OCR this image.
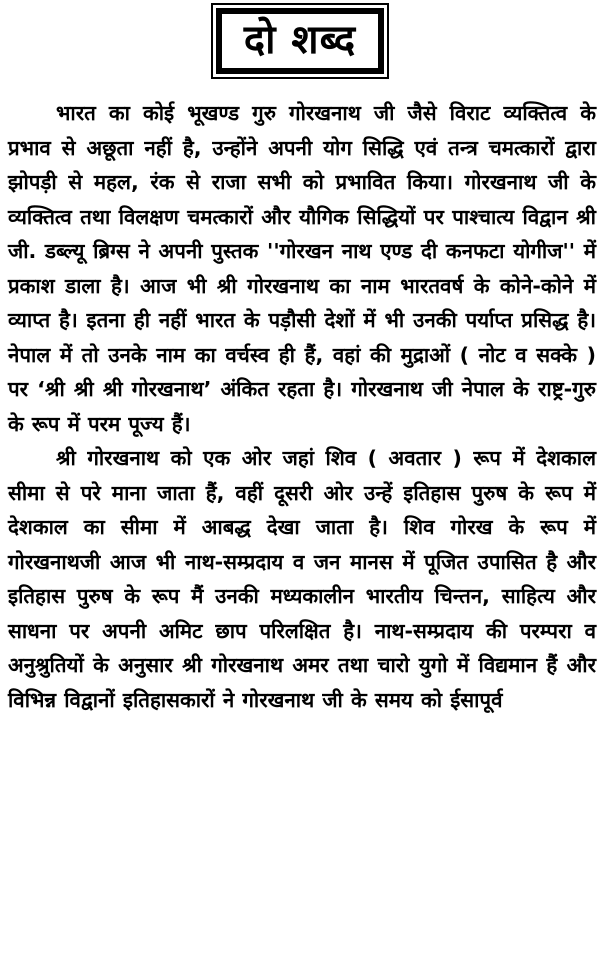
दो शब्द

भारत का कोई भूखण्ड गुरु गोरखनाथ जी जैसे विराट व्यक्तित्व के प्रभाव से अछूता नहीं है, उन्होंने अपनी योग सिद्धि एवं तन्त्र चमत्कारों द्वारा झोपड़ी से महल, रंक से राजा सभी को प्रभावित किया। गोरखनाथ जी के व्यक्तित्व तथा विलक्षण चमत्कारों और यौगिक सिद्धियों पर पाश्चात्य विद्वान श्री जी. डब्ल्यू ब्रिग्स ने अपनी पुस्तक ''गोरखन नाथ एण्ड दी कनफटा योगीज'' में प्रकाश डाला है। आज भी श्री गोरखनाथ का नाम भारतवर्ष के कोने-कोने में व्याप्त है। इतना ही नहीं भारत के पड़ौसी देशों में भी उनकी पर्याप्त प्रसिद्ध है। नेपाल में तो उनके नाम का वर्चस्व ही हैं, वहां की मुद्राओं ( नोट व सक्के ) पर ‘श्री श्री श्री गोरखनाथ’ अंकित रहता है। गोरखनाथ जी नेपाल के राष्ट्र-गुरु के रूप में परम पूज्य हैं।

श्री गोरखनाथ को एक ओर जहां शिव ( अवतार ) रूप में देशकाल सीमा से परे माना जाता हैं, वहीं दूसरी ओर उन्हें इतिहास पुरुष के रूप में देशकाल का सीमा में आबद्ध देखा जाता है। शिव गोरख के रूप में गोरखनाथजी आज भी नाथ-सम्प्रदाय व जन मानस में पूजित उपासित है और इतिहास पुरुष के रूप मैं उनकी मध्यकालीन भारतीय चिन्तन, साहित्य और साधना पर अपनी अमिट छाप परिलक्षित है। नाथ-सम्प्रदाय की परम्परा व अनुश्रुतियों के अनुसार श्री गोरखनाथ अमर तथा चारो युगो में विद्यमान हैं और विभिन्न विद्वानों इतिहासकारों ने गोरखनाथ जी के समय को ईसापूर्व
